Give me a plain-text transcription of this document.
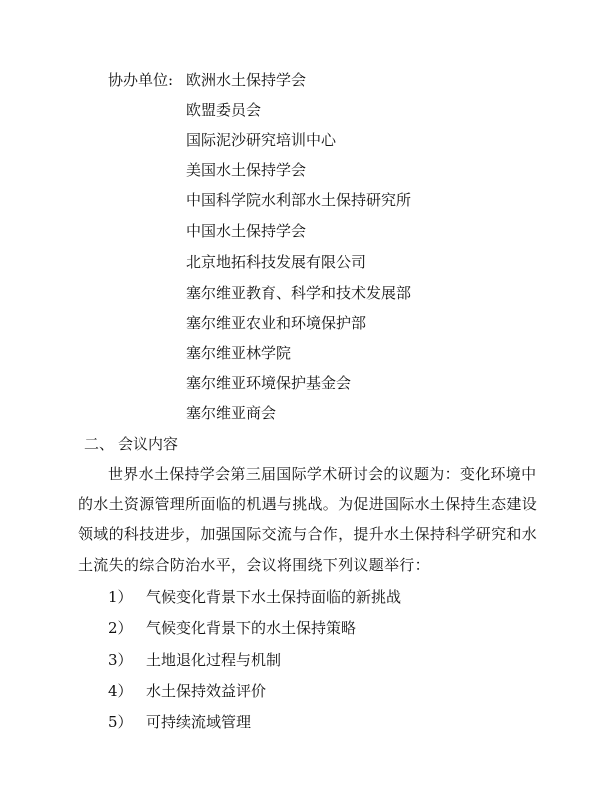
协办单位: 欧洲水土保持学会
欧盟委员会
国际泥沙研究培训中心
美国水土保持学会
中国科学院水利部水土保持研究所
中国水土保持学会
北京地拓科技发展有限公司
塞尔维亚教育、科学和技术发展部
塞尔维亚农业和环境保护部
塞尔维亚林学院
塞尔维亚环境保护基金会
塞尔维亚商会
二、 会议内容
世界水土保持学会第三届国际学术研讨会的议题为：变化环境中
的水土资源管理所面临的机遇与挑战。为促进国际水土保持生态建设
领域的科技进步，加强国际交流与合作，提升水土保持科学研究和水
土流失的综合防治水平，会议将围绕下列议题举行：
1） 气候变化背景下水土保持面临的新挑战
2） 气候变化背景下的水土保持策略
3） 土地退化过程与机制
4） 水土保持效益评价
5） 可持续流域管理
